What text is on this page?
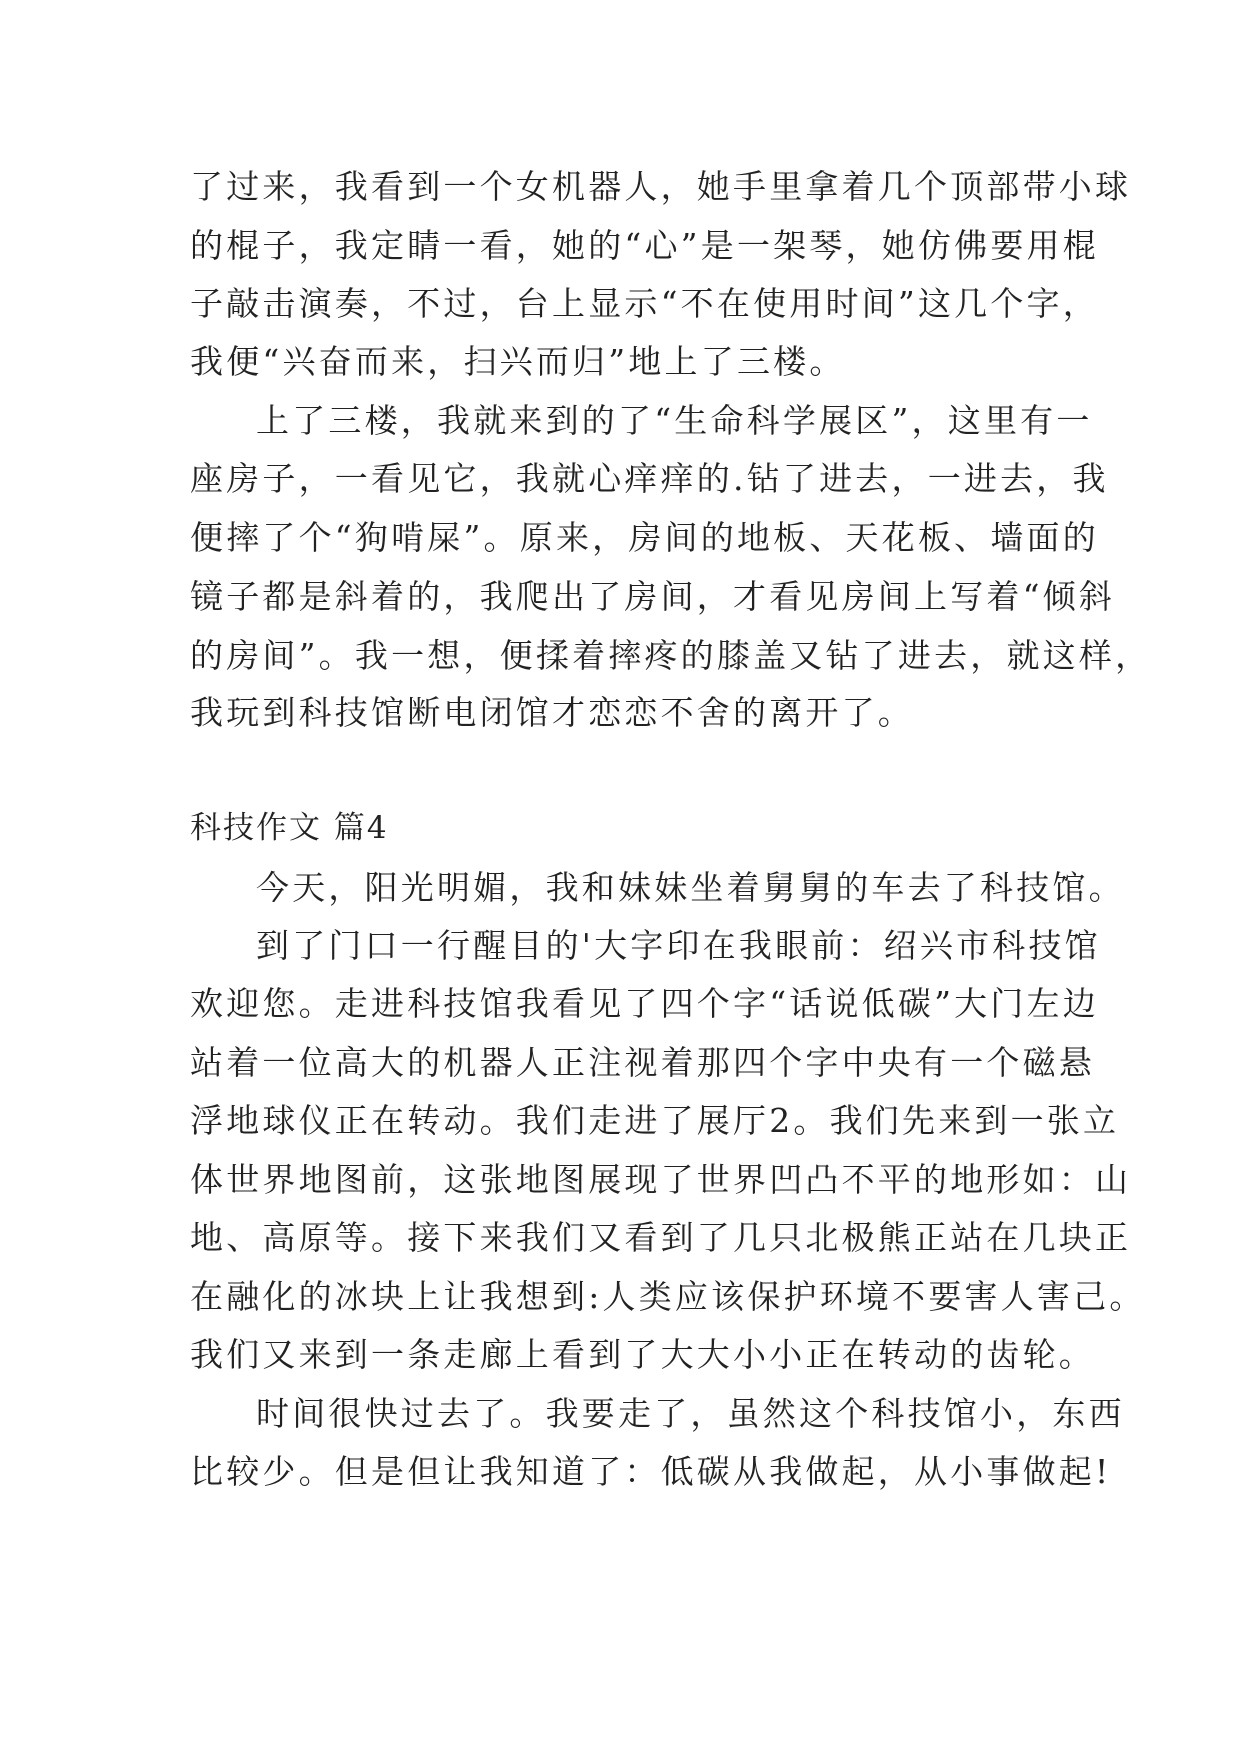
了过来，我看到一个女机器人，她手里拿着几个顶部带小球
的棍子，我定睛一看，她的“心”是一架琴，她仿佛要用棍
子敲击演奏，不过，台上显示“不在使用时间”这几个字，
我便“兴奋而来，扫兴而归”地上了三楼。
上了三楼，我就来到的了“生命科学展区”，这里有一
座房子，一看见它，我就心痒痒的.钻了进去，一进去，我
便摔了个“狗啃屎”。原来，房间的地板、天花板、墙面的
镜子都是斜着的，我爬出了房间，才看见房间上写着“倾斜
的房间”。我一想，便揉着摔疼的膝盖又钻了进去，就这样，
我玩到科技馆断电闭馆才恋恋不舍的离开了。
科技作文 篇4
今天，阳光明媚，我和妹妹坐着舅舅的车去了科技馆。
到了门口一行醒目的'大字印在我眼前：绍兴市科技馆
欢迎您。走进科技馆我看见了四个字“话说低碳”大门左边
站着一位高大的机器人正注视着那四个字中央有一个磁悬
浮地球仪正在转动。我们走进了展厅2。我们先来到一张立
体世界地图前，这张地图展现了世界凹凸不平的地形如：山
地、高原等。接下来我们又看到了几只北极熊正站在几块正
在融化的冰块上让我想到:人类应该保护环境不要害人害己。
我们又来到一条走廊上看到了大大小小正在转动的齿轮。
时间很快过去了。我要走了，虽然这个科技馆小，东西
比较少。但是但让我知道了：低碳从我做起，从小事做起!
